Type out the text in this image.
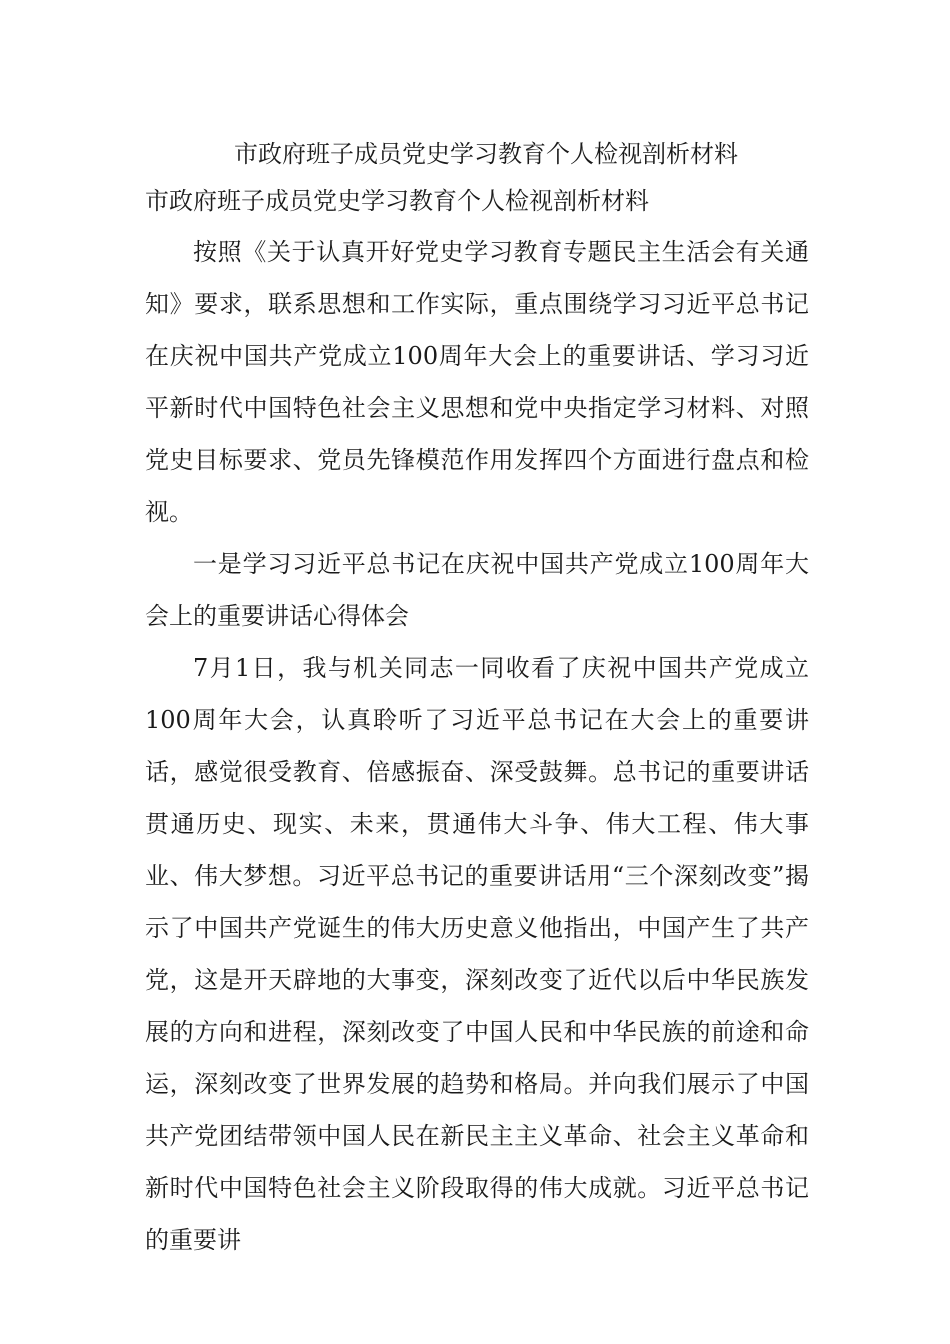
市政府班子成员党史学习教育个人检视剖析材料

市政府班子成员党史学习教育个人检视剖析材料

按照《关于认真开好党史学习教育专题民主生活会有关通知》要求，联系思想和工作实际，重点围绕学习习近平总书记在庆祝中国共产党成立100周年大会上的重要讲话、学习习近平新时代中国特色社会主义思想和党中央指定学习材料、对照党史目标要求、党员先锋模范作用发挥四个方面进行盘点和检视。

一是学习习近平总书记在庆祝中国共产党成立100周年大会上的重要讲话心得体会

7月1日，我与机关同志一同收看了庆祝中国共产党成立100周年大会，认真聆听了习近平总书记在大会上的重要讲话，感觉很受教育、倍感振奋、深受鼓舞。总书记的重要讲话贯通历史、现实、未来，贯通伟大斗争、伟大工程、伟大事业、伟大梦想。习近平总书记的重要讲话用“三个深刻改变”揭示了中国共产党诞生的伟大历史意义他指出，中国产生了共产党，这是开天辟地的大事变，深刻改变了近代以后中华民族发展的方向和进程，深刻改变了中国人民和中华民族的前途和命运，深刻改变了世界发展的趋势和格局。并向我们展示了中国共产党团结带领中国人民在新民主主义革命、社会主义革命和新时代中国特色社会主义阶段取得的伟大成就。习近平总书记的重要讲
